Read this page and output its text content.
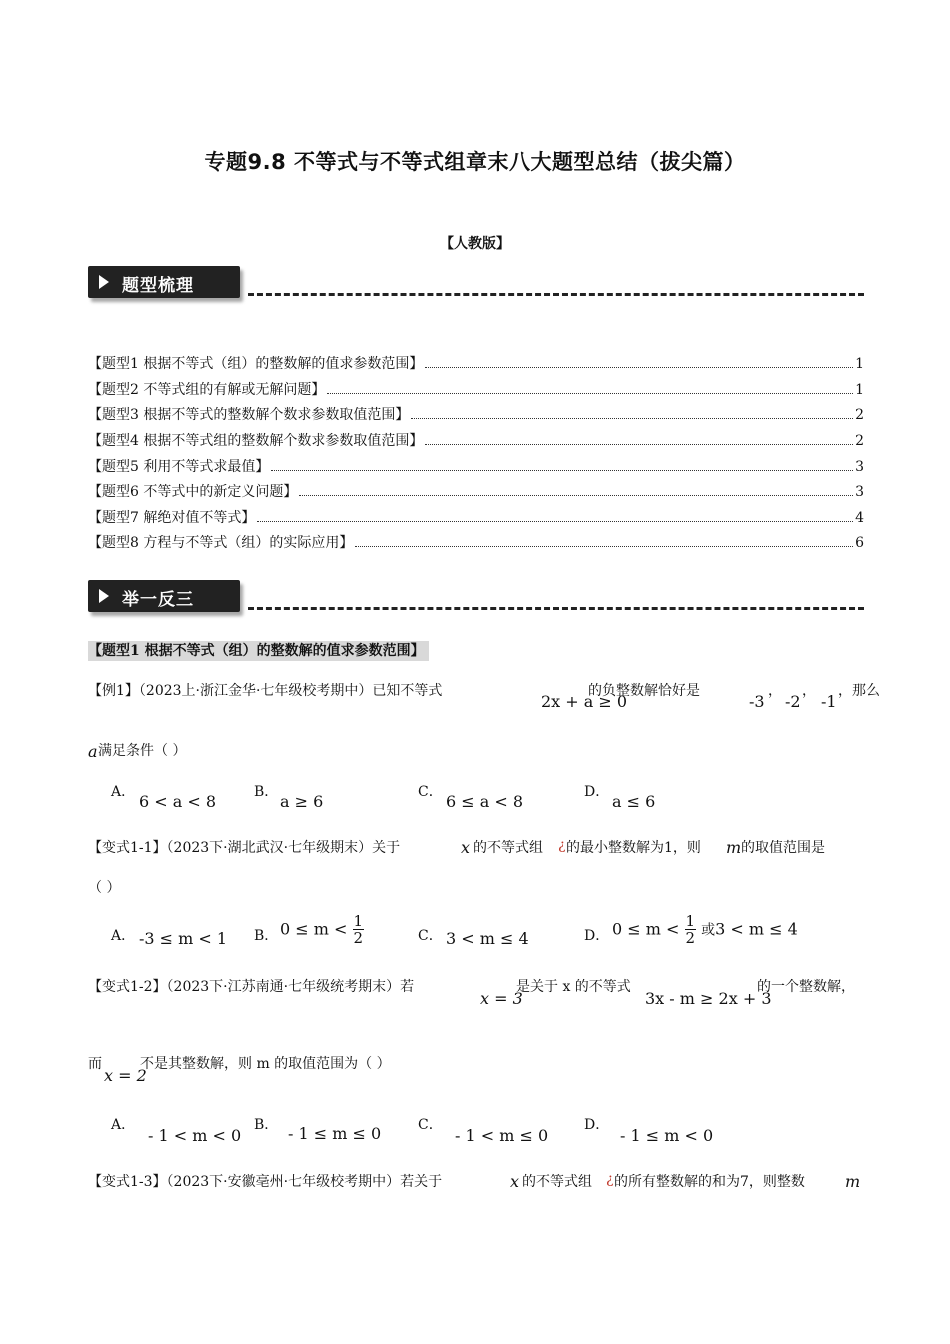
专题9.8 不等式与不等式组章末八大题型总结（拔尖篇）
【人教版】
题型梳理
【题型1 根据不等式（组）的整数解的值求参数范围】	1
【题型2 不等式组的有解或无解问题】	1
【题型3 根据不等式的整数解个数求参数取值范围】	2
【题型4 根据不等式组的整数解个数求参数取值范围】	2
【题型5 利用不等式求最值】	3
【题型6 不等式中的新定义问题】	3
【题型7 解绝对值不等式】	4
【题型8 方程与不等式（组）的实际应用】	6
举一反三
【题型1 根据不等式（组）的整数解的值求参数范围】
【例1】（2023上·浙江金华·七年级校考期中）已知不等式
2x + a ≥ 0
的负整数解恰好是
-3
，
-2
，
-1
，那么
a 满足条件（ ）
A． 6 < a < 8	B． a ≥ 6	C． 6 ≤ a < 8	D． a ≤ 6
【变式1-1】（2023下·湖北武汉·七年级期末）关于	x 的不等式组 ¿ 的最小整数解为1，则 m 的取值范围是
（ ）
A． -3 ≤ m < 1 B． $0 \le m < \frac{1}{2}$	C． 3 < m ≤ 4	D． $0 \le m < \frac{1}{2}$ 或3 < m ≤ 4
【变式1-2】（2023下·江苏南通·七年级统考期末）若
x = 3
是关于 x 的不等式
3x - m ≥ 2x + 3
的一个整数解，
而
x = 2
不是其整数解，则 m 的取值范围为（ ）
A．
- 1 < m < 0
B． - 1 ≤ m ≤ 0	C．
- 1 < m ≤ 0
D．
- 1 ≤ m < 0
【变式1-3】（2023下·安徽亳州·七年级校考期中）若关于	x 的不等式组 ¿ 的所有整数解的和为7，则整数	m
